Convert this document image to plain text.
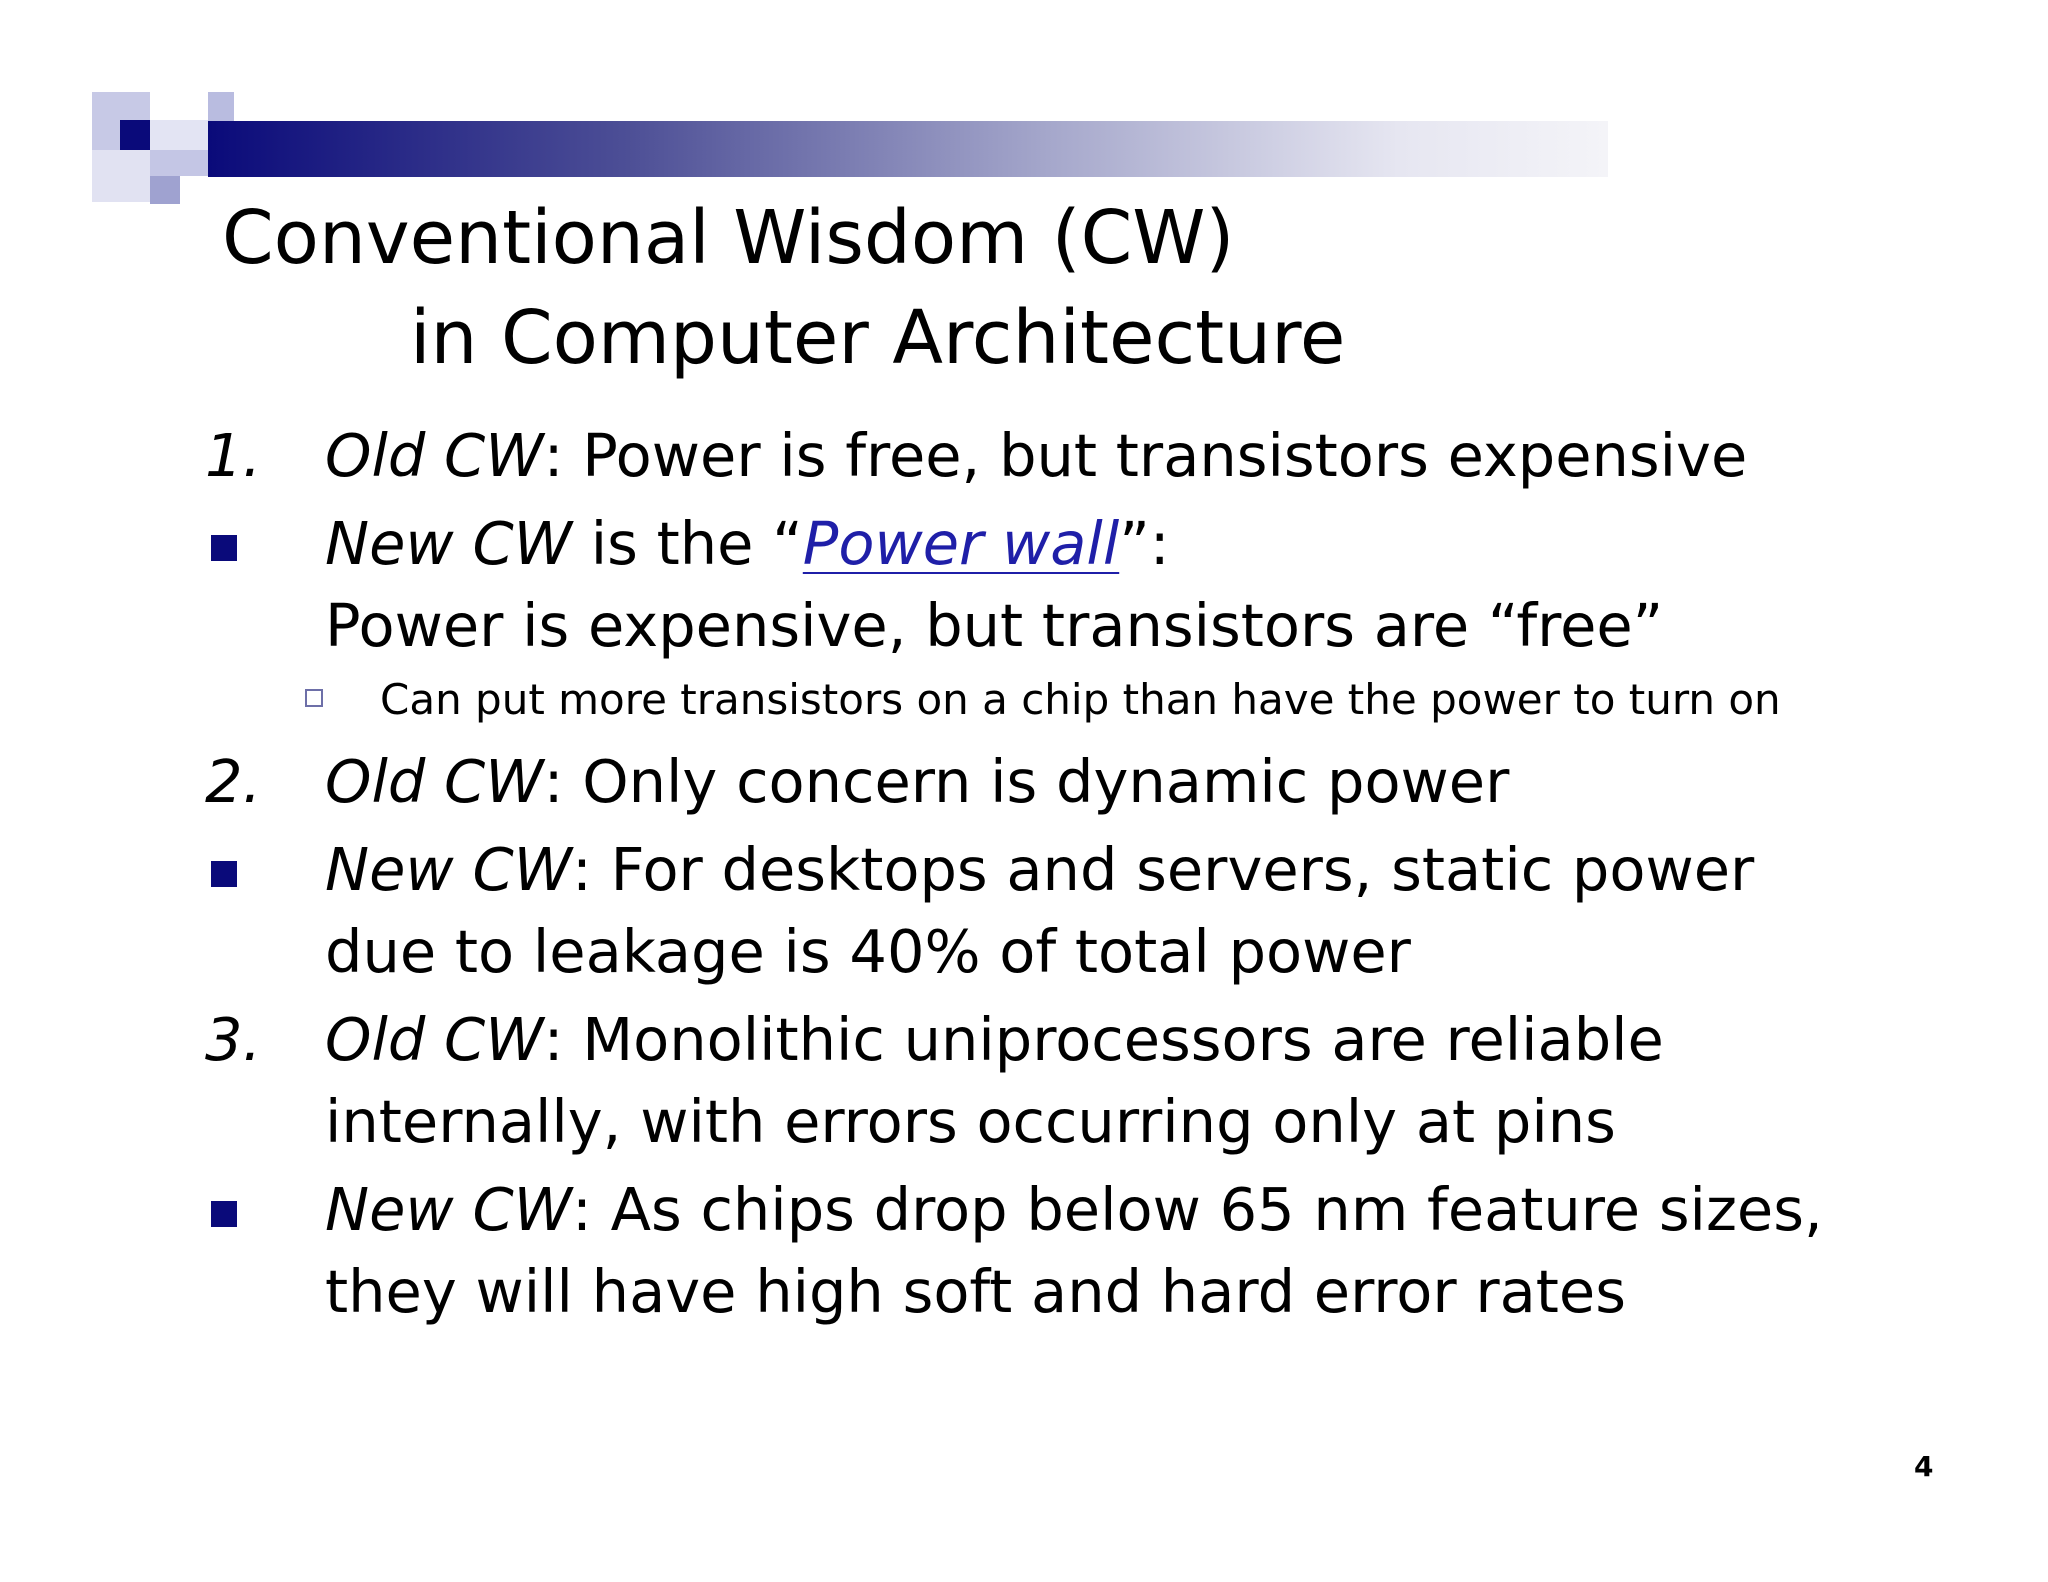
Conventional Wisdom (CW)
in Computer Architecture
1. Old CW: Power is free, but transistors expensive
New CW is the “Power wall”:
Power is expensive, but transistors are “free”
Can put more transistors on a chip than have the power to turn on
2. Old CW: Only concern is dynamic power
New CW: For desktops and servers, static power
due to leakage is 40% of total power
3. Old CW: Monolithic uniprocessors are reliable
internally, with errors occurring only at pins
New CW: As chips drop below 65 nm feature sizes,
they will have high soft and hard error rates
4
